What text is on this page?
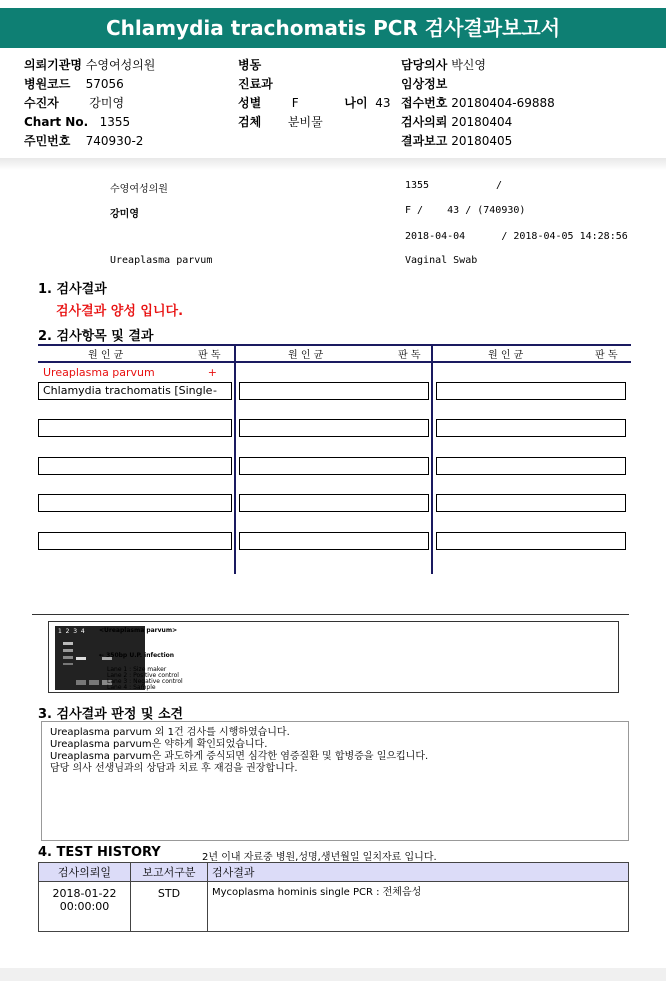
Chlamydia trachomatis PCR 검사결과보고서
의뢰기관명 수영여성의원
병원코드 57056
수진자	강미영
Chart No. 1355
주민번호 740930-2
병동
진료과
성별	F	나이 43
검체 분비물
담당의사 박신영
임상정보
접수번호 20180404-69888
검사의뢰 20180404
결과보고 20180405
수영여성의원	1355	/
강미영	F /    43 / (740930)
2018-04-04      / 2018-04-05 14:28:56
Ureaplasma parvum	Vaginal Swab
1. 검사결과
검사결과 양성 입니다.
2. 검사항목 및 결과
원 인 균	판 독	원 인 균	판 독	원 인 균	판 독
Ureaplasma parvum	+
Chlamydia trachomatis [Single -
1  2  3  4 <Ureaplasma parvum>
← 350bp U.P. infection
Lane 1 : Size maker
Lane 2 : Positive control
Lane 3 : Negative control
Lane 4 : Sample
3. 검사결과 판정 및 소견
Ureaplasma parvum 외 1건 검사를 시행하였습니다.
Ureaplasma parvum은 약하게 확인되었습니다.
Ureaplasma parvum은 과도하게 증식되면 심각한 염증질환 및 합병증을 일으킵니다.
담당 의사 선생님과의 상담과 치료 후 재검을 권장합니다.
4. TEST HISTORY	2년 이내 자료중 병원,성명,생년월일 일치자료 입니다.
검사의뢰일	보고서구분	검사결과

2018-01-22
00:00:00	STD	Mycoplasma hominis single PCR : 전체음성
